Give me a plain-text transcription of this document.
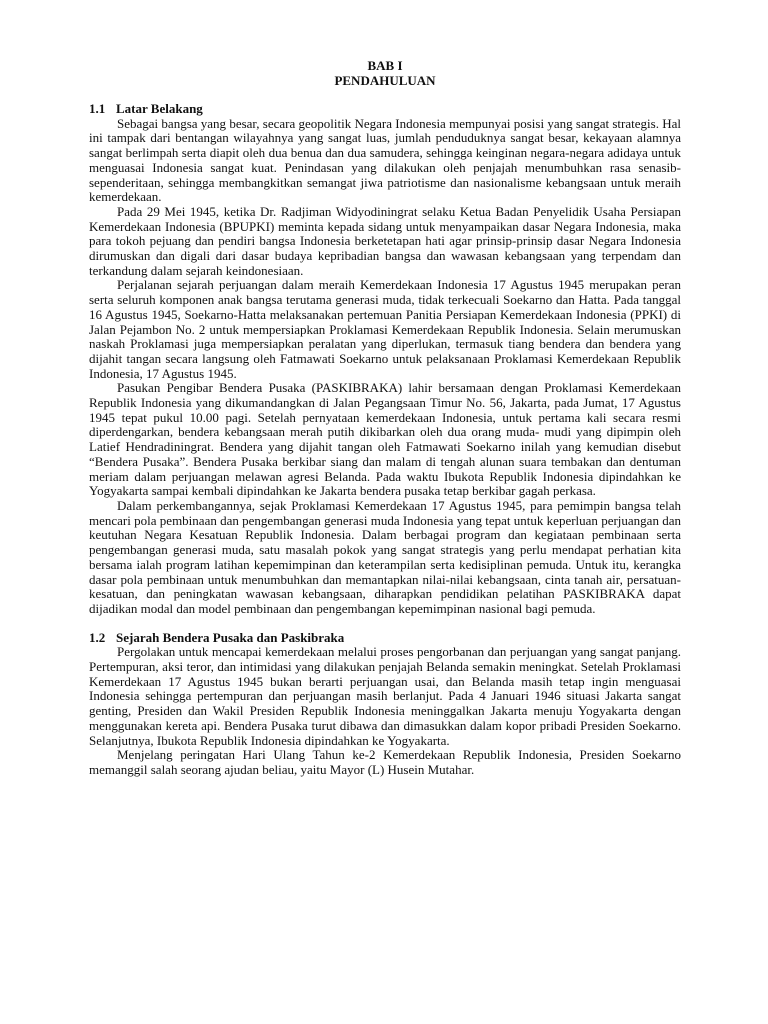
BAB I
PENDAHULUAN

1.1 Latar Belakang

Sebagai bangsa yang besar, secara geopolitik Negara Indonesia mempunyai posisi yang sangat strategis. Hal ini tampak dari bentangan wilayahnya yang sangat luas, jumlah penduduknya sangat besar, kekayaan alamnya sangat berlimpah serta diapit oleh dua benua dan dua samudera, sehingga keinginan negara-negara adidaya untuk menguasai Indonesia sangat kuat. Penindasan yang dilakukan oleh penjajah menumbuhkan rasa senasib-sependeritaan, sehingga membangkitkan semangat jiwa patriotisme dan nasionalisme kebangsaan untuk meraih kemerdekaan.

Pada 29 Mei 1945, ketika Dr. Radjiman Widyodiningrat selaku Ketua Badan Penyelidik Usaha Persiapan Kemerdekaan Indonesia (BPUPKI) meminta kepada sidang untuk menyampaikan dasar Negara Indonesia, maka para tokoh pejuang dan pendiri bangsa Indonesia berketetapan hati agar prinsip-prinsip dasar Negara Indonesia dirumuskan dan digali dari dasar budaya kepribadian bangsa dan wawasan kebangsaan yang terpendam dan terkandung dalam sejarah keindonesiaan.

Perjalanan sejarah perjuangan dalam meraih Kemerdekaan Indonesia 17 Agustus 1945 merupakan peran serta seluruh komponen anak bangsa terutama generasi muda, tidak terkecuali Soekarno dan Hatta. Pada tanggal 16 Agustus 1945, Soekarno-Hatta melaksanakan pertemuan Panitia Persiapan Kemerdekaan Indonesia (PPKI) di Jalan Pejambon No. 2 untuk mempersiapkan Proklamasi Kemerdekaan Republik Indonesia. Selain merumuskan naskah Proklamasi juga mempersiapkan peralatan yang diperlukan, termasuk tiang bendera dan bendera yang dijahit tangan secara langsung oleh Fatmawati Soekarno untuk pelaksanaan Proklamasi Kemerdekaan Republik Indonesia, 17 Agustus 1945.

Pasukan Pengibar Bendera Pusaka (PASKIBRAKA) lahir bersamaan dengan Proklamasi Kemerdekaan Republik Indonesia yang dikumandangkan di Jalan Pegangsaan Timur No. 56, Jakarta, pada Jumat, 17 Agustus 1945 tepat pukul 10.00 pagi. Setelah pernyataan kemerdekaan Indonesia, untuk pertama kali secara resmi diperdengarkan, bendera kebangsaan merah putih dikibarkan oleh dua orang muda- mudi yang dipimpin oleh Latief Hendradiningrat. Bendera yang dijahit tangan oleh Fatmawati Soekarno inilah yang kemudian disebut “Bendera Pusaka”. Bendera Pusaka berkibar siang dan malam di tengah alunan suara tembakan dan dentuman meriam dalam perjuangan melawan agresi Belanda. Pada waktu Ibukota Republik Indonesia dipindahkan ke Yogyakarta sampai kembali dipindahkan ke Jakarta bendera pusaka tetap berkibar gagah perkasa.

Dalam perkembangannya, sejak Proklamasi Kemerdekaan 17 Agustus 1945, para pemimpin bangsa telah mencari pola pembinaan dan pengembangan generasi muda Indonesia yang tepat untuk keperluan perjuangan dan keutuhan Negara Kesatuan Republik Indonesia. Dalam berbagai program dan kegiataan pembinaan serta pengembangan generasi muda, satu masalah pokok yang sangat strategis yang perlu mendapat perhatian kita bersama ialah program latihan kepemimpinan dan keterampilan serta kedisiplinan pemuda. Untuk itu, kerangka dasar pola pembinaan untuk menumbuhkan dan memantapkan nilai-nilai kebangsaan, cinta tanah air, persatuan-kesatuan, dan peningkatan wawasan kebangsaan, diharapkan pendidikan pelatihan PASKIBRAKA dapat dijadikan modal dan model pembinaan dan pengembangan kepemimpinan nasional bagi pemuda.

1.2 Sejarah Bendera Pusaka dan Paskibraka

Pergolakan untuk mencapai kemerdekaan melalui proses pengorbanan dan perjuangan yang sangat panjang. Pertempuran, aksi teror, dan intimidasi yang dilakukan penjajah Belanda semakin meningkat. Setelah Proklamasi Kemerdekaan 17 Agustus 1945 bukan berarti perjuangan usai, dan Belanda masih tetap ingin menguasai Indonesia sehingga pertempuran dan perjuangan masih berlanjut. Pada 4 Januari 1946 situasi Jakarta sangat genting, Presiden dan Wakil Presiden Republik Indonesia meninggalkan Jakarta menuju Yogyakarta dengan menggunakan kereta api. Bendera Pusaka turut dibawa dan dimasukkan dalam kopor pribadi Presiden Soekarno. Selanjutnya, Ibukota Republik Indonesia dipindahkan ke Yogyakarta.

Menjelang peringatan Hari Ulang Tahun ke-2 Kemerdekaan Republik Indonesia, Presiden Soekarno memanggil salah seorang ajudan beliau, yaitu Mayor (L) Husein Mutahar.
